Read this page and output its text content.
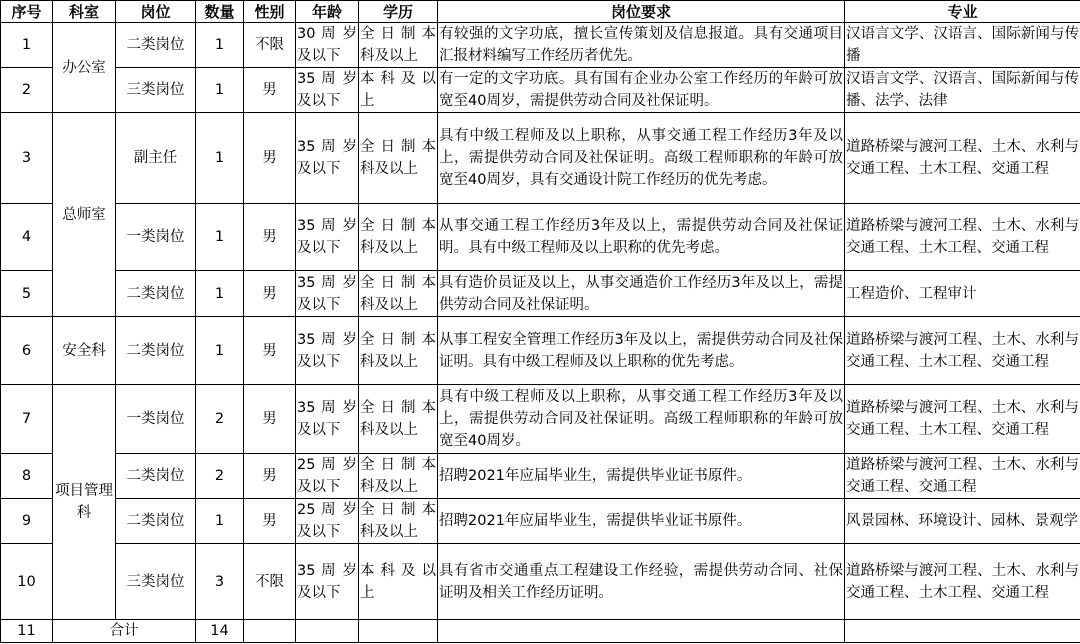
序号	科室	岗位	数量	性别	年龄	学历	岗位要求	专业
1	办公室	二类岗位	1	不限	30 周 岁及以下	全 日 制 本科及以上	有较强的文字功底，擅长宣传策划及信息报道。具有交通项目汇报材料编写工作经历者优先。	汉语言文学、汉语言、国际新闻与传播
2		三类岗位	1	男	35 周 岁及以下	本 科 及 以上	有一定的文字功底。具有国有企业办公室工作经历的年龄可放宽至40周岁，需提供劳动合同及社保证明。	汉语言文学、汉语言、国际新闻与传播、法学、法律
3	总师室	副主任	1	男	35 周 岁及以下	全 日 制 本科及以上	具有中级工程师及以上职称，从事交通工程工作经历3年及以上，需提供劳动合同及社保证明。高级工程师职称的年龄可放宽至40周岁，具有交通设计院工作经历的优先考虑。	道路桥梁与渡河工程、土木、水利与交通工程、土木工程、交通工程
4		一类岗位	1	男	35 周 岁及以下	全 日 制 本科及以上	从事交通工程工作经历3年及以上，需提供劳动合同及社保证明。具有中级工程师及以上职称的优先考虑。	道路桥梁与渡河工程、土木、水利与交通工程、土木工程、交通工程
5		二类岗位	1	男	35 周 岁及以下	全 日 制 本科及以上	具有造价员证及以上，从事交通造价工作经历3年及以上，需提供劳动合同及社保证明。	工程造价、工程审计
6	安全科	二类岗位	1	男	35 周 岁及以下	全 日 制 本科及以上	从事工程安全管理工作经历3年及以上，需提供劳动合同及社保证明。具有中级工程师及以上职称的优先考虑。	道路桥梁与渡河工程、土木、水利与交通工程、土木工程、交通工程
7	项目管理科	一类岗位	2	男	35 周 岁及以下	全 日 制 本科及以上	具有中级工程师及以上职称，从事交通工程工作经历3年及以上，需提供劳动合同及社保证明。高级工程师职称的年龄可放宽至40周岁。	道路桥梁与渡河工程、土木、水利与交通工程、土木工程、交通工程
8		二类岗位	2	男	25 周 岁及以下	全 日 制 本科及以上	招聘2021年应届毕业生，需提供毕业证书原件。	道路桥梁与渡河工程、土木、水利与交通工程、交通工程
9		二类岗位	1	男	25 周 岁及以下	全 日 制 本科及以上	招聘2021年应届毕业生，需提供毕业证书原件。	风景园林、环境设计、园林、景观学
10		三类岗位	3	不限	35 周 岁及以下	本 科 及 以上	具有省市交通重点工程建设工作经验，需提供劳动合同、社保证明及相关工作经历证明。	道路桥梁与渡河工程、土木、水利与交通工程、土木工程、交通工程
11	合计		14					
